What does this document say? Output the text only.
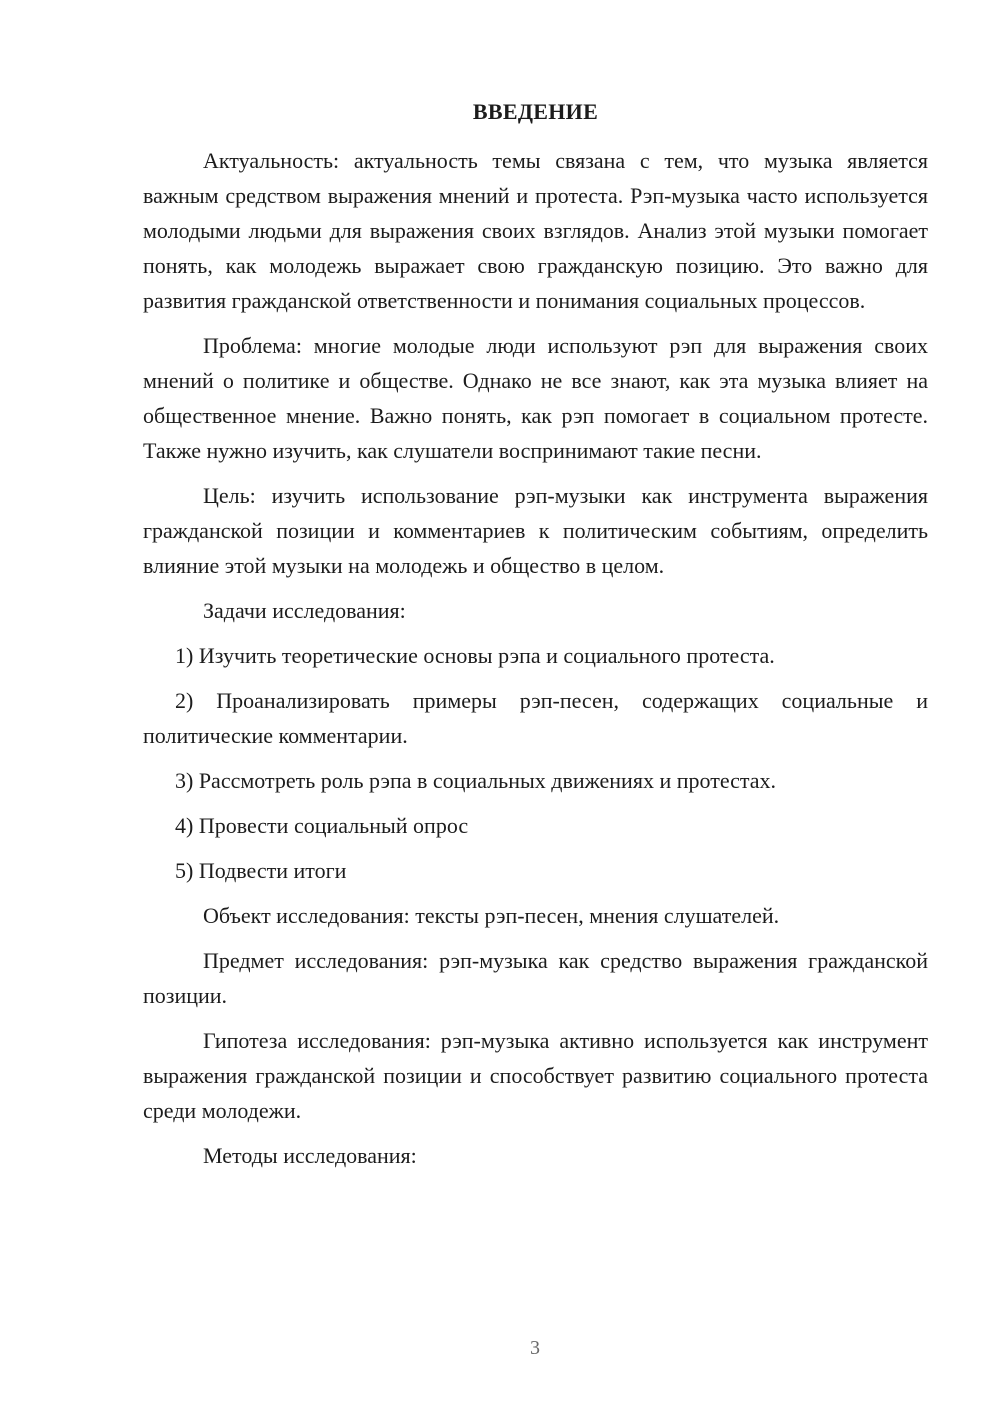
ВВЕДЕНИЕ

Актуальность: актуальность темы связана с тем, что музыка является важным средством выражения мнений и протеста. Рэп-музыка часто используется молодыми людьми для выражения своих взглядов. Анализ этой музыки помогает понять, как молодежь выражает свою гражданскую позицию. Это важно для развития гражданской ответственности и понимания социальных процессов.

Проблема: многие молодые люди используют рэп для выражения своих мнений о политике и обществе. Однако не все знают, как эта музыка влияет на общественное мнение. Важно понять, как рэп помогает в социальном протесте. Также нужно изучить, как слушатели воспринимают такие песни.

Цель: изучить использование рэп-музыки как инструмента выражения гражданской позиции и комментариев к политическим событиям, определить влияние этой музыки на молодежь и общество в целом.

Задачи исследования:

1) Изучить теоретические основы рэпа и социального протеста.

2) Проанализировать примеры рэп-песен, содержащих социальные и политические комментарии.

3) Рассмотреть роль рэпа в социальных движениях и протестах.

4) Провести социальный опрос

5) Подвести итоги

Объект исследования: тексты рэп-песен, мнения слушателей.

Предмет исследования: рэп-музыка как средство выражения гражданской позиции.

Гипотеза исследования: рэп-музыка активно используется как инструмент выражения гражданской позиции и способствует развитию социального протеста среди молодежи.

Методы исследования:

3
